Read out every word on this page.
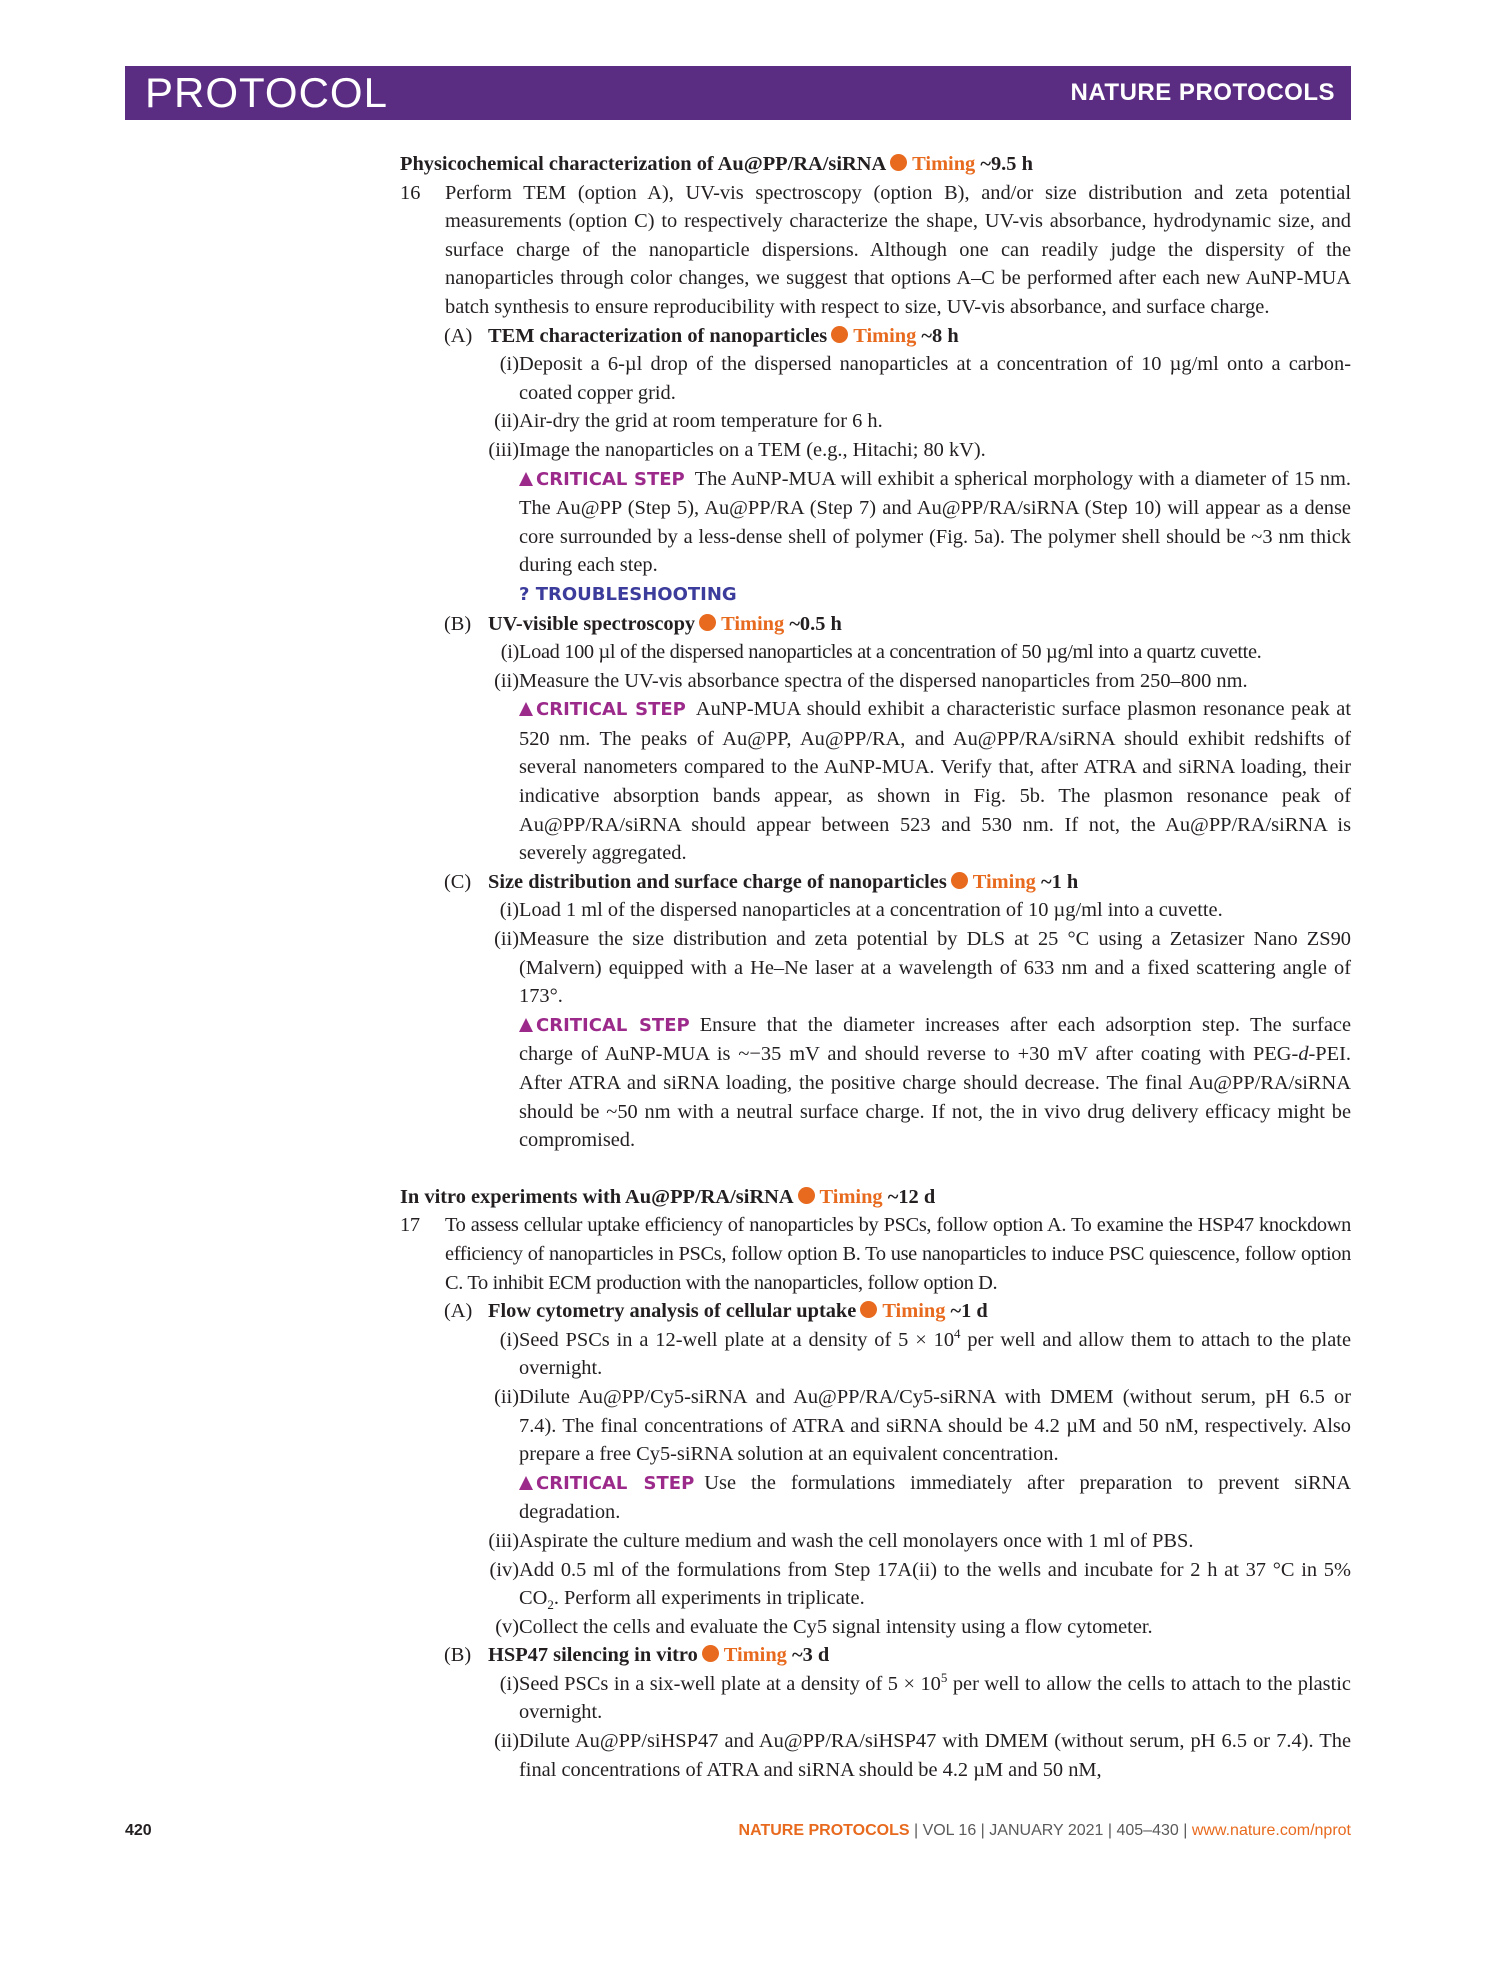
PROTOCOL	NATURE PROTOCOLS
Physicochemical characterization of Au@PP/RA/siRNA Timing ~9.5 h
16 Perform TEM (option A), UV-vis spectroscopy (option B), and/or size distribution and zeta potential measurements (option C) to respectively characterize the shape, UV-vis absorbance, hydrodynamic size, and surface charge of the nanoparticle dispersions. Although one can readily judge the dispersity of the nanoparticles through color changes, we suggest that options A–C be performed after each new AuNP-MUA batch synthesis to ensure reproducibility with respect to size, UV-vis absorbance, and surface charge.
(A) TEM characterization of nanoparticles Timing ~8 h
(i) Deposit a 6-µl drop of the dispersed nanoparticles at a concentration of 10 µg/ml onto a carbon-coated copper grid.
(ii) Air-dry the grid at room temperature for 6 h.
(iii) Image the nanoparticles on a TEM (e.g., Hitachi; 80 kV).
CRITICAL STEP The AuNP-MUA will exhibit a spherical morphology with a diameter of 15 nm. The Au@PP (Step 5), Au@PP/RA (Step 7) and Au@PP/RA/siRNA (Step 10) will appear as a dense core surrounded by a less-dense shell of polymer (Fig. 5a). The polymer shell should be ~3 nm thick during each step.
? TROUBLESHOOTING
(B) UV-visible spectroscopy Timing ~0.5 h
(i) Load 100 µl of the dispersed nanoparticles at a concentration of 50 µg/ml into a quartz cuvette.
(ii) Measure the UV-vis absorbance spectra of the dispersed nanoparticles from 250–800 nm.
CRITICAL STEP AuNP-MUA should exhibit a characteristic surface plasmon resonance peak at 520 nm. The peaks of Au@PP, Au@PP/RA, and Au@PP/RA/siRNA should exhibit redshifts of several nanometers compared to the AuNP-MUA. Verify that, after ATRA and siRNA loading, their indicative absorption bands appear, as shown in Fig. 5b. The plasmon resonance peak of Au@PP/RA/siRNA should appear between 523 and 530 nm. If not, the Au@PP/RA/siRNA is severely aggregated.
(C) Size distribution and surface charge of nanoparticles Timing ~1 h
(i) Load 1 ml of the dispersed nanoparticles at a concentration of 10 µg/ml into a cuvette.
(ii) Measure the size distribution and zeta potential by DLS at 25 °C using a Zetasizer Nano ZS90 (Malvern) equipped with a He–Ne laser at a wavelength of 633 nm and a fixed scattering angle of 173°.
CRITICAL STEP Ensure that the diameter increases after each adsorption step. The surface charge of AuNP-MUA is ~−35 mV and should reverse to +30 mV after coating with PEG-d-PEI. After ATRA and siRNA loading, the positive charge should decrease. The final Au@PP/RA/siRNA should be ~50 nm with a neutral surface charge. If not, the in vivo drug delivery efficacy might be compromised.
In vitro experiments with Au@PP/RA/siRNA Timing ~12 d
17 To assess cellular uptake efficiency of nanoparticles by PSCs, follow option A. To examine the HSP47 knockdown efficiency of nanoparticles in PSCs, follow option B. To use nanoparticles to induce PSC quiescence, follow option C. To inhibit ECM production with the nanoparticles, follow option D.
(A) Flow cytometry analysis of cellular uptake Timing ~1 d
(i) Seed PSCs in a 12-well plate at a density of $5 \times 10^4$ per well and allow them to attach to the plate overnight.
(ii) Dilute Au@PP/Cy5-siRNA and Au@PP/RA/Cy5-siRNA with DMEM (without serum, pH 6.5 or 7.4). The final concentrations of ATRA and siRNA should be 4.2 µM and 50 nM, respectively. Also prepare a free Cy5-siRNA solution at an equivalent concentration.
CRITICAL STEP Use the formulations immediately after preparation to prevent siRNA degradation.
(iii) Aspirate the culture medium and wash the cell monolayers once with 1 ml of PBS.
(iv) Add 0.5 ml of the formulations from Step 17A(ii) to the wells and incubate for 2 h at 37 °C in 5% $CO_2$. Perform all experiments in triplicate.
(v) Collect the cells and evaluate the Cy5 signal intensity using a flow cytometer.
(B) HSP47 silencing in vitro Timing ~3 d
(i) Seed PSCs in a six-well plate at a density of $5 \times 10^5$ per well to allow the cells to attach to the plastic overnight.
(ii) Dilute Au@PP/siHSP47 and Au@PP/RA/siHSP47 with DMEM (without serum, pH 6.5 or 7.4). The final concentrations of ATRA and siRNA should be 4.2 µM and 50 nM,
420	NATURE PROTOCOLS | VOL 16 | JANUARY 2021 | 405–430 | www.nature.com/nprot
